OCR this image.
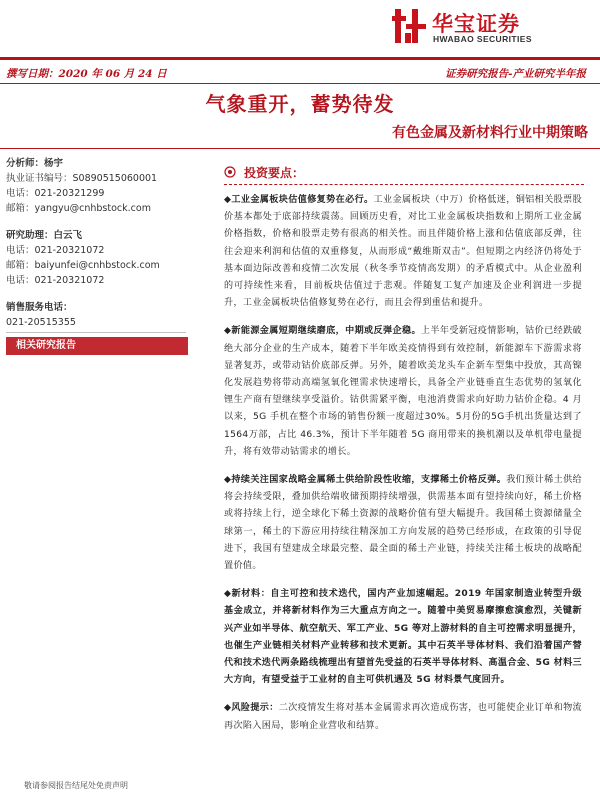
华宝证券
HWABAO SECURITIES
撰写日期：2020 年 06 月 24 日	证券研究报告-产业研究半年报
气象重开，蓄势待发
有色金属及新材料行业中期策略
分析师：杨宇
执业证书编号：S0890515060001
电话：021-20321299
邮箱：yangyu@cnhbstock.com
研究助理：白云飞
电话：021-20321072
邮箱：baiyunfei@cnhbstock.com
电话：021-20321072
销售服务电话：
021-20515355
相关研究报告
投资要点：

◆工业金属板块估值修复势在必行。工业金属板块（中万）价格低迷，铜铝相关股票股价基本都处于底部持续震荡。回顾历史看，对比工业金属板块指数和上期所工业金属价格指数，价格和股票走势有很高的相关性。而且伴随价格上涨和估值底部反弹，往往会迎来利润和估值的双重修复，从而形成“戴维斯双击”。但短期之内经济仍将处于基本面边际改善和疫情二次发展（秋冬季节疫情高发期）的矛盾模式中。从企业盈利的可持续性来看，目前板块估值过于悲观。伴随复工复产加速及企业利润进一步提升，工业金属板块估值修复势在必行，而且会得到重估和提升。

◆新能源金属短期继续磨底，中期或反弹企稳。上半年受新冠疫情影响，钴价已经跌破绝大部分企业的生产成本，随着下半年欧美疫情得到有效控制，新能源车下游需求将显著复苏，或带动钴价底部反弹。另外，随着欧美龙头车企新车型集中投放，其高镍化发展趋势将带动高端氢氧化锂需求快速增长，具备全产业链垂直生态优势的氢氧化锂生产商有望继续享受溢价。钴供需紧平衡，电池消费需求向好助力钴价企稳。4 月以来，5G 手机在整个市场的销售份额一度超过30%。5月份的5G手机出货量达到了1564万部，占比 46.3%，预计下半年随着 5G 商用带来的换机潮以及单机带电量提升，将有效带动钴需求的增长。

◆持续关注国家战略金属稀土供给阶段性收缩，支撑稀土价格反弹。我们预计稀土供给将会持续受限，叠加供给端收储预期持续增强，供需基本面有望持续向好，稀土价格或将持续上行，逆全球化下稀土资源的战略价值有望大幅提升。我国稀土资源储量全球第一，稀土的下游应用持续往精深加工方向发展的趋势已经形成，在政策的引导促进下，我国有望建成全球最完整、最全面的稀土产业链，持续关注稀土板块的战略配置价值。

◆新材料：自主可控和技术迭代，国内产业加速崛起。2019 年国家制造业转型升级基金成立，并将新材料作为三大重点方向之一。随着中美贸易摩擦愈演愈烈，关键新兴产业如半导体、航空航天、军工产业、5G 等对上游材料的自主可控需求明显提升，也催生产业链相关材料产业转移和技术更新。其中石英半导体材料、我们沿着国产替代和技术迭代两条路线梳理出有望首先受益的石英半导体材料、高温合金、5G 材料三大方向，有望受益于工业材的自主可供机遇及 5G 材料景气度回升。

◆风险提示：二次疫情发生将对基本金属需求再次造成伤害，也可能使企业订单和物流再次陷入困局，影响企业营收和结算。

敬请参阅报告结尾处免责声明
